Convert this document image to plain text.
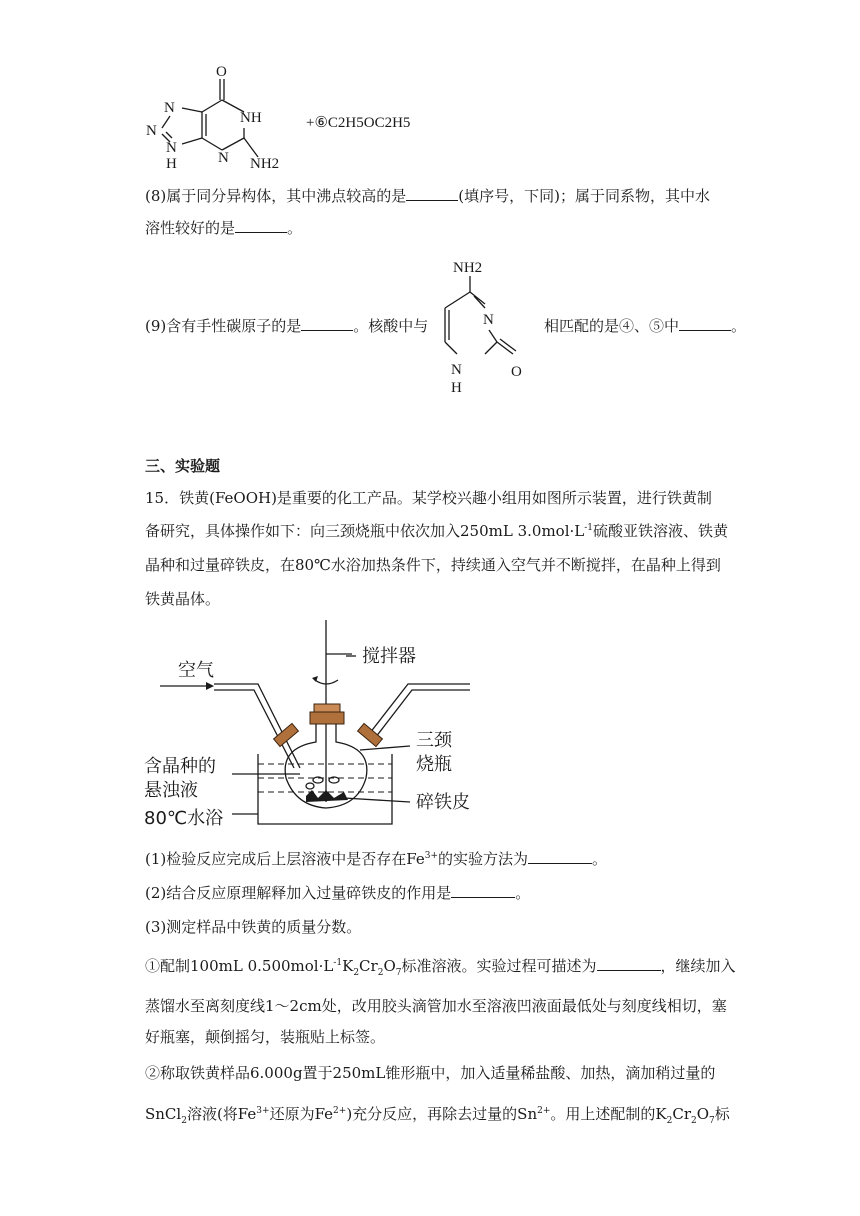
O
N
NH
N
N
H	N NH2
+⑥C2H5OC2H5
(8)属于同分异构体，其中沸点较高的是	(填序号，下同)；属于同系物，其中水
溶性较好的是	。
(9)含有手性碳原子的是	。核酸中与
NH2
N
N
H
O
相匹配的是④、⑤中	。
三、实验题
15．铁黄(FeOOH)是重要的化工产品。某学校兴趣小组用如图所示装置，进行铁黄制
备研究，具体操作如下：向三颈烧瓶中依次加入250mL $3.0mol\cdot L^{-1}$硫酸亚铁溶液、铁黄
晶种和过量碎铁皮，在80℃水浴加热条件下，持续通入空气并不断搅拌，在晶种上得到
铁黄晶体。
搅拌器
空气
三颈
烧瓶
含晶种的
悬浊液
碎铁皮
80℃水浴
(1)检验反应完成后上层溶液中是否存在$Fe^{3+}$的实验方法为	。
(2)结合反应原理解释加入过量碎铁皮的作用是	。
(3)测定样品中铁黄的质量分数。
①配制100mL $0.500mol\cdot L^{-1}K_2Cr_2O_7$标准溶液。实验过程可描述为	，继续加入
蒸馏水至离刻度线1～2cm处，改用胶头滴管加水至溶液凹液面最低处与刻度线相切，塞
好瓶塞，颠倒摇匀，装瓶贴上标签。
②称取铁黄样品6.000g置于250mL锥形瓶中，加入适量稀盐酸、加热，滴加稍过量的
SnCl$_2$溶液(将$Fe^{3+}$还原为$Fe^{2+}$)充分反应，再除去过量的$Sn^{2+}$。用上述配制的$K_2Cr_2O_7$标
